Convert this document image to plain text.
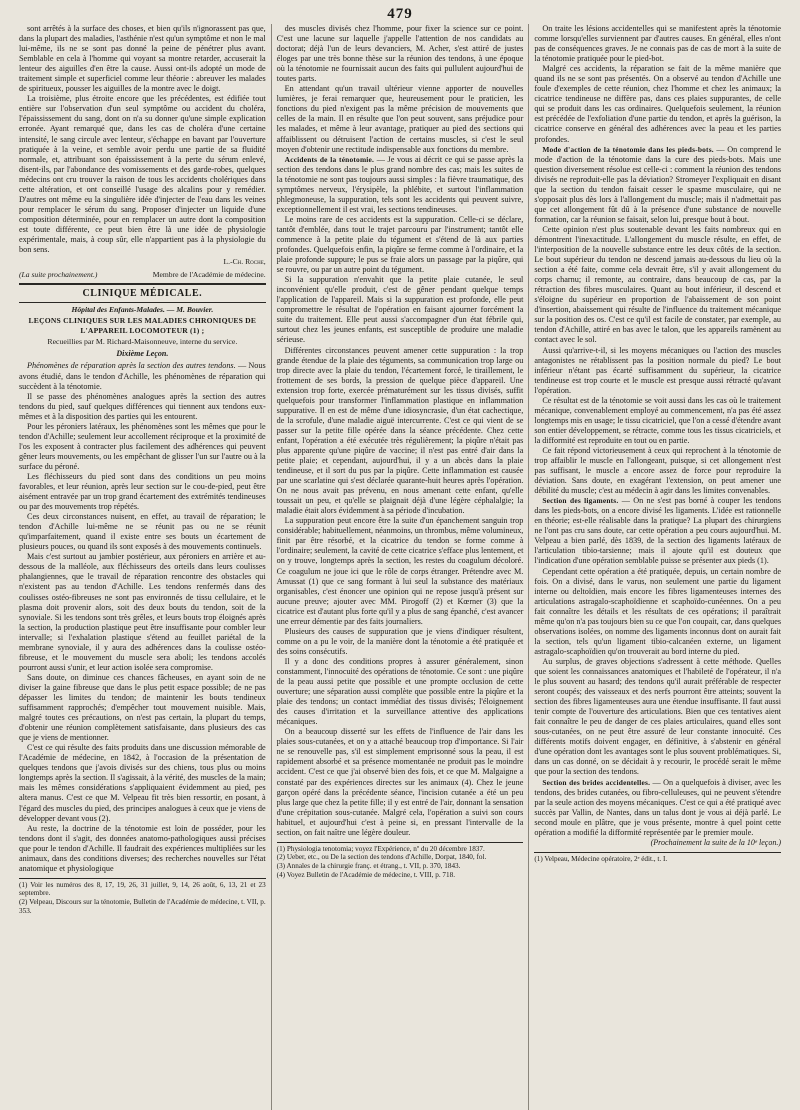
479

sont arrêtés à la surface des choses, et bien qu'ils n'ignorassent pas que, dans la plupart des maladies, l'asthénie n'est qu'un symptôme et non le mal lui-même, ils ne se sont pas donné la peine de pénétrer plus avant. Semblable en cela à l'homme qui voyant sa montre retarder, accuserait la lenteur des aiguilles d'en être la cause. Aussi ont-ils adopté un mode de traitement simple et superficiel comme leur théorie : abreuver les malades de spiritueux, pousser les aiguilles de la montre avec le doigt.

La troisième, plus étroite encore que les précédentes, est édifiée tout entière sur l'observation d'un seul symptôme ou accident du choléra, l'épaississement du sang, dont on n'a su donner qu'une simple explication erronée. Ayant remarqué que, dans les cas de choléra d'une certaine intensité, le sang circule avec lenteur, s'échappe en bavant par l'ouverture pratiquée à la veine, et semble avoir perdu une partie de sa fluidité normale, et, attribuant son épaississement à la perte du sérum enlevé, disent-ils, par l'abondance des vomissements et des garde-robes, quelques médecins ont cru trouver la raison de tous les accidents cholériques dans cette altération, et ont conseillé l'usage des alcalins pour y remédier. D'autres ont même eu la singulière idée d'injecter de l'eau dans les veines pour remplacer le sérum du sang. Proposer d'injecter un liquide d'une composition déterminée, pour en remplacer un autre dont la composition est toute différente, ce peut bien être là une idée de physiologie expérimentale, mais, à coup sûr, elle n'appartient pas à la physiologie du bon sens.

L.-Ch. Roche,
(La suite prochainement.)	Membre de l'Académie de médecine.
CLINIQUE MÉDICALE.
Hôpital des Enfants-Malades. — M. Bouvier.
LEÇONS CLINIQUES SUR LES MALADIES CHRONIQUES DE L'APPAREIL LOCOMOTEUR (1) ;
Recueillies par M. Richard-Maisonneuve, interne du service.
Dixième Leçon.

Phénomènes de réparation après la section des autres tendons. — Nous avons étudié, dans le tendon d'Achille, les phénomènes de réparation qui succèdent à la ténotomie.

Il se passe des phénomènes analogues après la section des autres tendons du pied, sauf quelques différences qui tiennent aux tendons eux-mêmes et à la disposition des parties qui les entourent.

Pour les péroniers latéraux, les phénomènes sont les mêmes que pour le tendon d'Achille; seulement leur accollement réciproque et la proximité de l'os les exposent à contracter plus facilement des adhérences qui peuvent gêner leurs mouvements, ou les empêchant de glisser l'un sur l'autre ou à la surface du péroné.

Les fléchisseurs du pied sont dans des conditions un peu moins favorables, et leur réunion, après leur section sur le cou-de-pied, peut être aisément entravée par un trop grand écartement des extrémités tendineuses ou par des mouvements trop répétés.

Ces deux circonstances nuisent, en effet, au travail de réparation; le tendon d'Achille lui-même ne se réunit pas ou ne se réunit qu'imparfaitement, quand il existe entre ses bouts un écartement de plusieurs pouces, ou quand ils sont exposés à des mouvements continuels.

Mais c'est surtout au jambier postérieur, aux péroniers en arrière et au-dessous de la malléole, aux fléchisseurs des orteils dans leurs coulisses phalangiennes, que le travail de réparation rencontre des obstacles qui n'existent pas au tendon d'Achille. Les tendons renfermés dans des coulisses ostéo-fibreuses ne sont pas environnés de tissu cellulaire, et le plasma doit provenir alors, soit des deux bouts du tendon, soit de la synoviale. Si les tendons sont très grêles, et leurs bouts trop éloignés après la section, la production plastique peut être insuffisante pour combler leur intervalle; si l'exhalation plastique s'étend au feuillet pariétal de la membrane synoviale, il y aura des adhérences dans la coulisse ostéo-fibreuse, et le mouvement du muscle sera aboli; les tendons accolés pourront aussi s'unir, et leur action isolée sera compromise.

Sans doute, on diminue ces chances fâcheuses, en ayant soin de ne diviser la gaine fibreuse que dans le plus petit espace possible; de ne pas dépasser les limites du tendon; de maintenir les bouts tendineux suffisamment rapprochés; d'empêcher tout mouvement nuisible. Mais, malgré toutes ces précautions, on n'est pas certain, la plupart du temps, d'obtenir une réunion complètement satisfaisante, dans plusieurs des cas que je viens de mentionner.

C'est ce qui résulte des faits produits dans une discussion mémorable de l'Académie de médecine, en 1842, à l'occasion de la présentation de quelques tendons que j'avois divisés sur des chiens, tous plus ou moins longtemps après la section. Il s'agissait, à la vérité, des muscles de la main; mais les mêmes considérations s'appliquaient évidemment au pied, pes altera manus. C'est ce que M. Velpeau fit très bien ressortir, en posant, à l'égard des muscles du pied, des principes analogues à ceux que je viens de développer devant vous (2).

Au reste, la doctrine de la ténotomie est loin de posséder, pour les tendons dont il s'agit, des données anatomo-pathologiques aussi précises que pour le tendon d'Achille. Il faudrait des expériences multipliées sur les animaux, dans des conditions diverses; des recherches nouvelles sur l'état anatomique et physiologique

(1) Voir les numéros des 8, 17, 19, 26, 31 juillet, 9, 14, 26 août, 6, 13, 21 et 23 septembre.
(2) Velpeau, Discours sur la ténotomie, Bulletin de l'Académie de médecine, t. VII, p. 353.

des muscles divisés chez l'homme, pour fixer la science sur ce point. C'est une lacune sur laquelle j'appelle l'attention de nos candidats au doctorat; déjà l'un de leurs devanciers, M. Acher, s'est attiré de justes éloges par une très bonne thèse sur la réunion des tendons, à une époque où la ténotomie ne fournissait aucun des faits qui pullulent aujourd'hui de toutes parts.

En attendant qu'un travail ultérieur vienne apporter de nouvelles lumières, je ferai remarquer que, heureusement pour le praticien, les fonctions du pied n'exigent pas la même précision de mouvements que celles de la main. Il en résulte que l'on peut souvent, sans préjudice pour les malades, et même à leur avantage, pratiquer au pied des sections qui affaiblissent ou détruisent l'action de certains muscles, si c'est le seul moyen d'obtenir une rectitude indispensable aux fonctions du membre.

Accidents de la ténotomie. — Je vous ai décrit ce qui se passe après la section des tendons dans le plus grand nombre des cas; mais les suites de la ténotomie ne sont pas toujours aussi simples : la fièvre traumatique, des symptômes nerveux, l'érysipèle, la phlébite, et surtout l'inflammation phlegmoneuse, la suppuration, tels sont les accidents qui peuvent suivre, exceptionnellement il est vrai, les sections tendineuses.

Le moins rare de ces accidents est la suppuration. Celle-ci se déclare, tantôt d'emblée, dans tout le trajet parcouru par l'instrument; tantôt elle commence à la petite plaie du tégument et s'étend de là aux parties profondes. Quelquefois enfin, la piqûre se ferme comme à l'ordinaire, et la plaie profonde suppure; le pus se fraie alors un passage par la piqûre, qui se rouvre, ou par un autre point du tégument.

Si la suppuration n'envahit que la petite plaie cutanée, le seul inconvénient qu'elle produit, c'est de gêner pendant quelque temps l'application de l'appareil. Mais si la suppuration est profonde, elle peut compromettre le résultat de l'opération en faisant ajourner forcément la suite du traitement. Elle peut aussi s'accompagner d'un état fébrile qui, surtout chez les jeunes enfants, est susceptible de produire une maladie sérieuse.

Différentes circonstances peuvent amener cette suppuration : la trop grande étendue de la plaie des téguments, sa communication trop large ou trop directe avec la plaie du tendon, l'écartement forcé, le tiraillement, le frottement de ses bords, la pression de quelque pièce d'appareil. Une extension trop forte, exercée prématurément sur les tissus divisés, suffit quelquefois pour transformer l'inflammation plastique en inflammation suppurative. Il en est de même d'une idiosyncrasie, d'un état cachectique, de la scrofule, d'une maladie aiguë intercurrente. C'est ce qui vient de se passer sur la petite fille opérée dans la séance précédente. Chez cette enfant, l'opération a été exécutée très régulièrement; la piqûre n'était pas plus apparente qu'une piqûre de vaccine; il n'est pas entré d'air dans la petite plaie; et cependant, aujourd'hui, il y a un abcès dans la plaie tendineuse, et il sort du pus par la piqûre. Cette inflammation est causée par une scarlatine qui s'est déclarée quarante-huit heures après l'opération. On ne nous avait pas prévenu, en nous amenant cette enfant, qu'elle toussait un peu, et qu'elle se plaignait déjà d'une légère céphalalgie; la maladie était alors évidemment à sa période d'incubation.

La suppuration peut encore être la suite d'un épanchement sanguin trop considérable; habituellement, néanmoins, un thrombus, même volumineux, finit par être résorbé, et la cicatrice du tendon se forme comme à l'ordinaire; seulement, la cavité de cette cicatrice s'efface plus lentement, et on y trouve, longtemps après la section, les restes du coagulum décoloré. Ce coagulum ne joue ici que le rôle de corps étranger. Prétendre avec M. Amussat (1) que ce sang formant à lui seul la substance des matériaux organisables, c'est énoncer une opinion qui ne repose jusqu'à présent sur aucune preuve; ajouter avec MM. Pirogoff (2) et Kœrner (3) que la cicatrice est d'autant plus forte qu'il y a plus de sang épanché, c'est avancer une erreur démentie par des faits journaliers.

Plusieurs des causes de suppuration que je viens d'indiquer résultent, comme on a pu le voir, de la manière dont la ténotomie a été pratiquée et des soins consécutifs.

Il y a donc des conditions propres à assurer généralement, sinon constamment, l'innocuité des opérations de ténotomie. Ce sont : une piqûre de la peau aussi petite que possible et une prompte occlusion de cette ouverture; une séparation aussi complète que possible entre la piqûre et la plaie des tendons; un contact immédiat des tissus divisés; l'éloignement des causes d'irritation et la surveillance attentive des applications mécaniques.

On a beaucoup disserté sur les effets de l'influence de l'air dans les plaies sous-cutanées, et on y a attaché beaucoup trop d'importance. Si l'air ne se renouvelle pas, s'il est simplement emprisonné sous la peau, il est rapidement absorbé et sa présence momentanée ne produit pas le moindre accident. C'est ce que j'ai observé bien des fois, et ce que M. Malgaigne a constaté par des expériences directes sur les animaux (4). Chez le jeune garçon opéré dans la précédente séance, l'incision cutanée a été un peu plus large que chez la petite fille; il y est entré de l'air, donnant la sensation d'une crépitation sous-cutanée. Malgré cela, l'opération a suivi son cours habituel, et aujourd'hui c'est à peine si, en pressant l'intervalle de la section, on fait naître une légère douleur.

(1) Physiologia tenotomia; voyez l'Expérience, nº du 20 décembre 1837.
(2) Ueber, etc., ou De la section des tendons d'Achille, Dorpat, 1840, fol.
(3) Annales de la chirurgie franç. et étrang., t. VII, p. 370, 1843.
(4) Voyez Bulletin de l'Académie de médecine, t. VIII, p. 718.

On traite les lésions accidentelles qui se manifestent après la ténotomie comme lorsqu'elles surviennent par d'autres causes. En général, elles n'ont pas de conséquences graves. Je ne connais pas de cas de mort à la suite de la ténotomie pratiquée pour le pied-bot.

Malgré ces accidents, la réparation se fait de la même manière que quand ils ne se sont pas présentés. On a observé au tendon d'Achille une foule d'exemples de cette réunion, chez l'homme et chez les animaux; la cicatrice tendineuse ne diffère pas, dans ces plaies suppurantes, de celle qui se produit dans les cas ordinaires. Quelquefois seulement, la réunion est précédée de l'exfoliation d'une partie du tendon, et après la guérison, la cicatrice conserve en général des adhérences avec la peau et les parties profondes.

Mode d'action de la ténotomie dans les pieds-bots. — On comprend le mode d'action de la ténotomie dans la cure des pieds-bots. Mais une question diversement résolue est celle-ci : comment la réunion des tendons divisés ne reproduit-elle pas la déviation? Stromeyer l'expliquait en disant que la section du tendon faisait cesser le spasme musculaire, qui ne s'opposait plus dès lors à l'allongement du muscle; mais il n'admettait pas que cet allongement fût dû à la présence d'une substance de nouvelle formation, car la réunion se faisait, selon lui, presque bout à bout.

Cette opinion n'est plus soutenable devant les faits nombreux qui en démontrent l'inexactitude. L'allongement du muscle résulte, en effet, de l'interposition de la nouvelle substance entre les deux côtés de la section. Le bout supérieur du tendon ne descend jamais au-dessous du lieu où la section a été faite, comme cela devrait être, s'il y avait allongement du corps charnu; il remonte, au contraire, dans beaucoup de cas, par la rétraction des fibres musculaires. Quant au bout inférieur, il descend et s'éloigne du supérieur en proportion de l'abaissement de son point d'insertion, abaissement qui résulte de l'influence du traitement mécanique sur la position des os. C'est ce qu'il est facile de constater, par exemple, au tendon d'Achille, attiré en bas avec le talon, que les appareils ramènent au contact avec le sol.

Aussi qu'arrive-t-il, si les moyens mécaniques ou l'action des muscles antagonistes ne rétablissent pas la position normale du pied? Le bout inférieur n'étant pas écarté suffisamment du supérieur, la cicatrice tendineuse est trop courte et le muscle est presque aussi rétracté qu'avant l'opération.

Ce résultat est de la ténotomie se voit aussi dans les cas où le traitement mécanique, convenablement employé au commencement, n'a pas été assez longtemps mis en usage; le tissu cicatriciel, que l'on a cessé d'étendre avant son entier développement, se rétracte, comme tous les tissus cicatriciels, et la difformité est reproduite en tout ou en partie.

Ce fait répond victorieusement à ceux qui reprochent à la ténotomie de trop affaiblir le muscle en l'allongeant, puisque, si cet allongement n'est pas suffisant, le muscle a encore assez de force pour reproduire la déviation. Sans doute, en exagérant l'extension, on peut amener une débilité du muscle; c'est au médecin à agir dans les limites convenables.

Section des ligaments. — On ne s'est pas borné à couper les tendons dans les pieds-bots, on a encore divisé les ligaments. L'idée est rationnelle en théorie; est-elle réalisable dans la pratique? La plupart des chirurgiens ne l'ont pas cru sans doute, car cette opération a peu cours aujourd'hui. M. Velpeau a bien parlé, dès 1839, de la section des ligaments latéraux de l'articulation tibio-tarsienne; mais il ajoute qu'il est douteux que l'indication d'une opération semblable puisse se présenter aux pieds (1).

Cependant cette opération a été pratiquée, depuis, un certain nombre de fois. On a divisé, dans le varus, non seulement une partie du ligament interne ou deltoïdien, mais encore les fibres ligamenteuses internes des articulations astragalo-scaphoïdienne et scaphoïdo-cunéennes. On a peu fait connaître les détails et les résultats de ces opérations; il paraîtrait même qu'on n'a pas toujours bien su ce que l'on coupait, car, dans quelques observations isolées, on nomme des ligaments inconnus dont on aurait fait la section, tels qu'un ligament tibio-calcanéen externe, un ligament astragalo-scaphoïdien qu'on trouverait au bord interne du pied.

Au surplus, de graves objections s'adressent à cette méthode. Quelles que soient les connaissances anatomiques et l'habileté de l'opérateur, il n'a le plus souvent au hasard; des tendons qu'il aurait préférable de respecter seront coupés; des vaisseaux et des nerfs pourront être atteints; souvent la section des fibres ligamenteuses aura une étendue insuffisante. Il faut aussi tenir compte de l'ouverture des articulations. Bien que ces tentatives aient fait connaître le peu de danger de ces plaies articulaires, quand elles sont sous-cutanées, on ne peut être assuré de leur constante innocuité. Ces différents motifs doivent engager, en définitive, à s'abstenir en général d'une opération dont les avantages sont le plus souvent problématiques. Si, dans un cas donné, on se décidait à y recourir, le procédé serait le même que pour la section des tendons.

Section des brides accidentelles. — On a quelquefois à diviser, avec les tendons, des brides cutanées, ou fibro-celluleuses, qui ne peuvent s'étendre par la seule action des moyens mécaniques. C'est ce qui a été pratiqué avec succès par Vallin, de Nantes, dans un talus dont je vous ai déjà parlé. Le second moule en plâtre, que je vous présente, montre à quel point cette opération a modifié la difformité représentée par le premier moule.

(Prochainement la suite de la 10ᵉ leçon.)
(1) Velpeau, Médecine opératoire, 2ᵉ édit., t. I.
